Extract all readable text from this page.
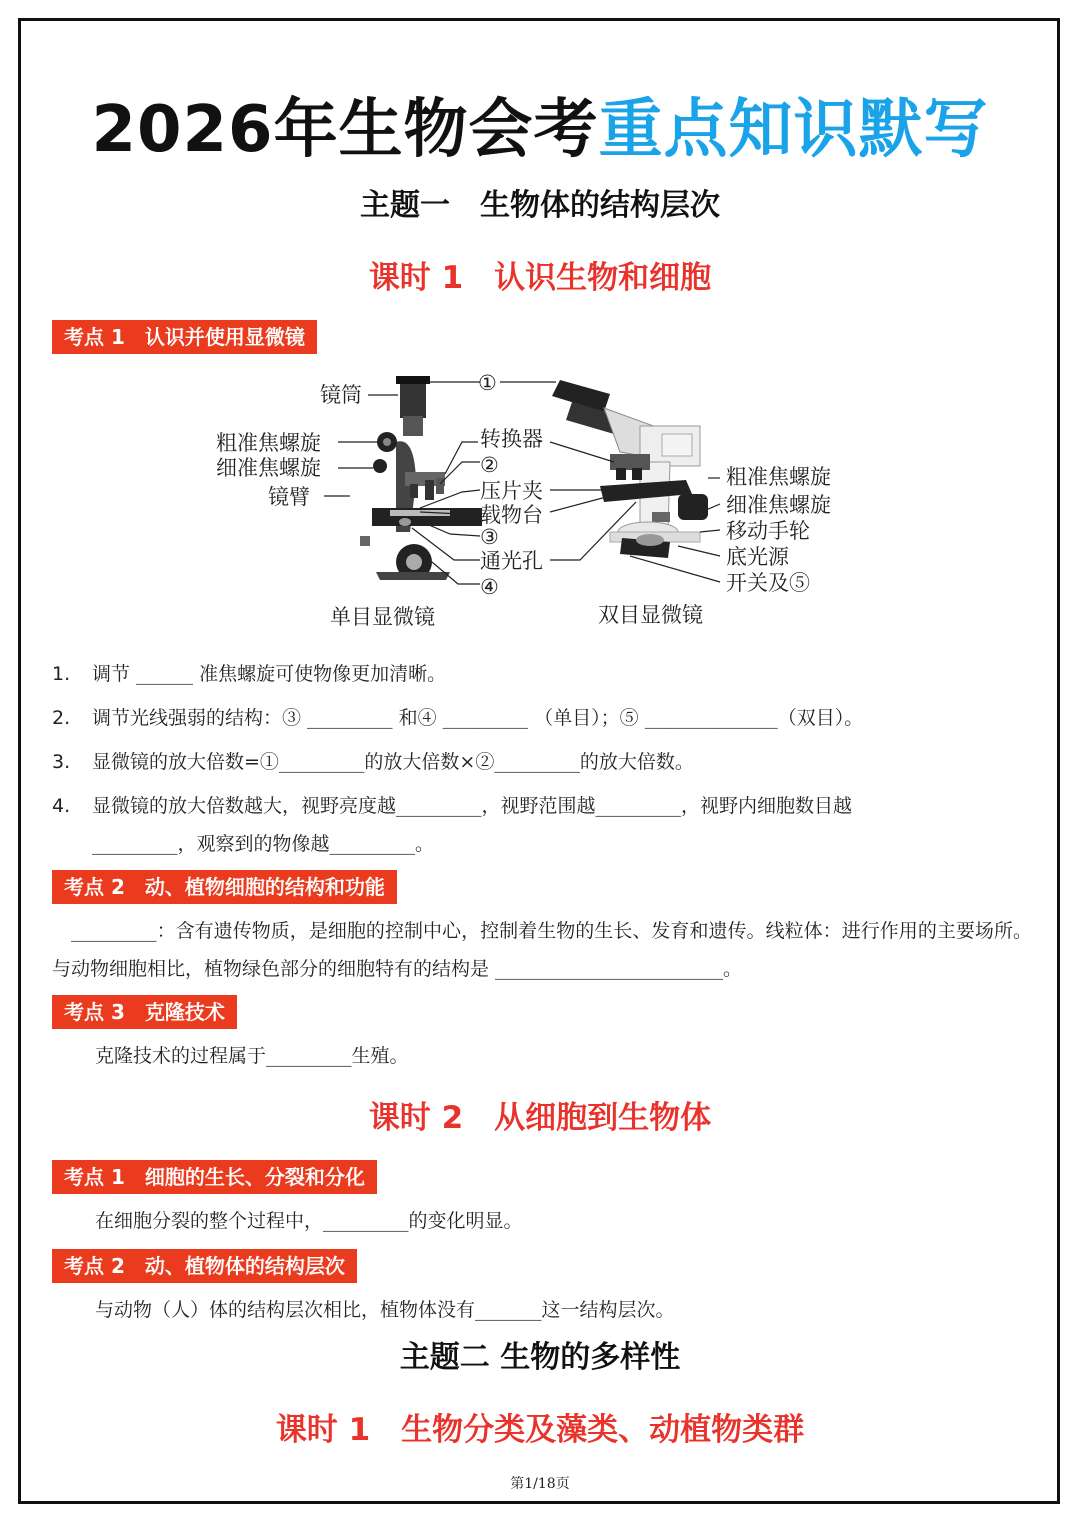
2026年生物会考重点知识默写
主题一　生物体的结构层次
课时 1　认识生物和细胞
考点 1　认识并使用显微镜
镜筒
粗准焦螺旋
细准焦螺旋
镜臂
①
转换器
②
压片夹
载物台
③
通光孔
④
粗准焦螺旋
细准焦螺旋
移动手轮
底光源
开关及⑤
单目显微镜	双目显微镜
1. 调节 ______ 准焦螺旋可使物像更加清晰。
2. 调节光线强弱的结构：③ _________ 和④ _________ （单目）；⑤ ______________（双目）。
3. 显微镜的放大倍数=①_________的放大倍数×②_________的放大倍数。
4. 显微镜的放大倍数越大，视野亮度越_________，视野范围越_________，视野内细胞数目越
_________，观察到的物像越_________。
考点 2　动、植物细胞的结构和功能
　_________：含有遗传物质，是细胞的控制中心，控制着生物的生长、发育和遗传。线粒体：进行作用的主要场所。与动物细胞相比，植物绿色部分的细胞特有的结构是 ________________________。
考点 3　克隆技术
克隆技术的过程属于_________生殖。
课时 2　从细胞到生物体
考点 1　细胞的生长、分裂和分化
在细胞分裂的整个过程中，_________的变化明显。
考点 2　动、植物体的结构层次
与动物（人）体的结构层次相比，植物体没有_______这一结构层次。
主题二 生物的多样性
课时 1　生物分类及藻类、动植物类群
第1/18页
